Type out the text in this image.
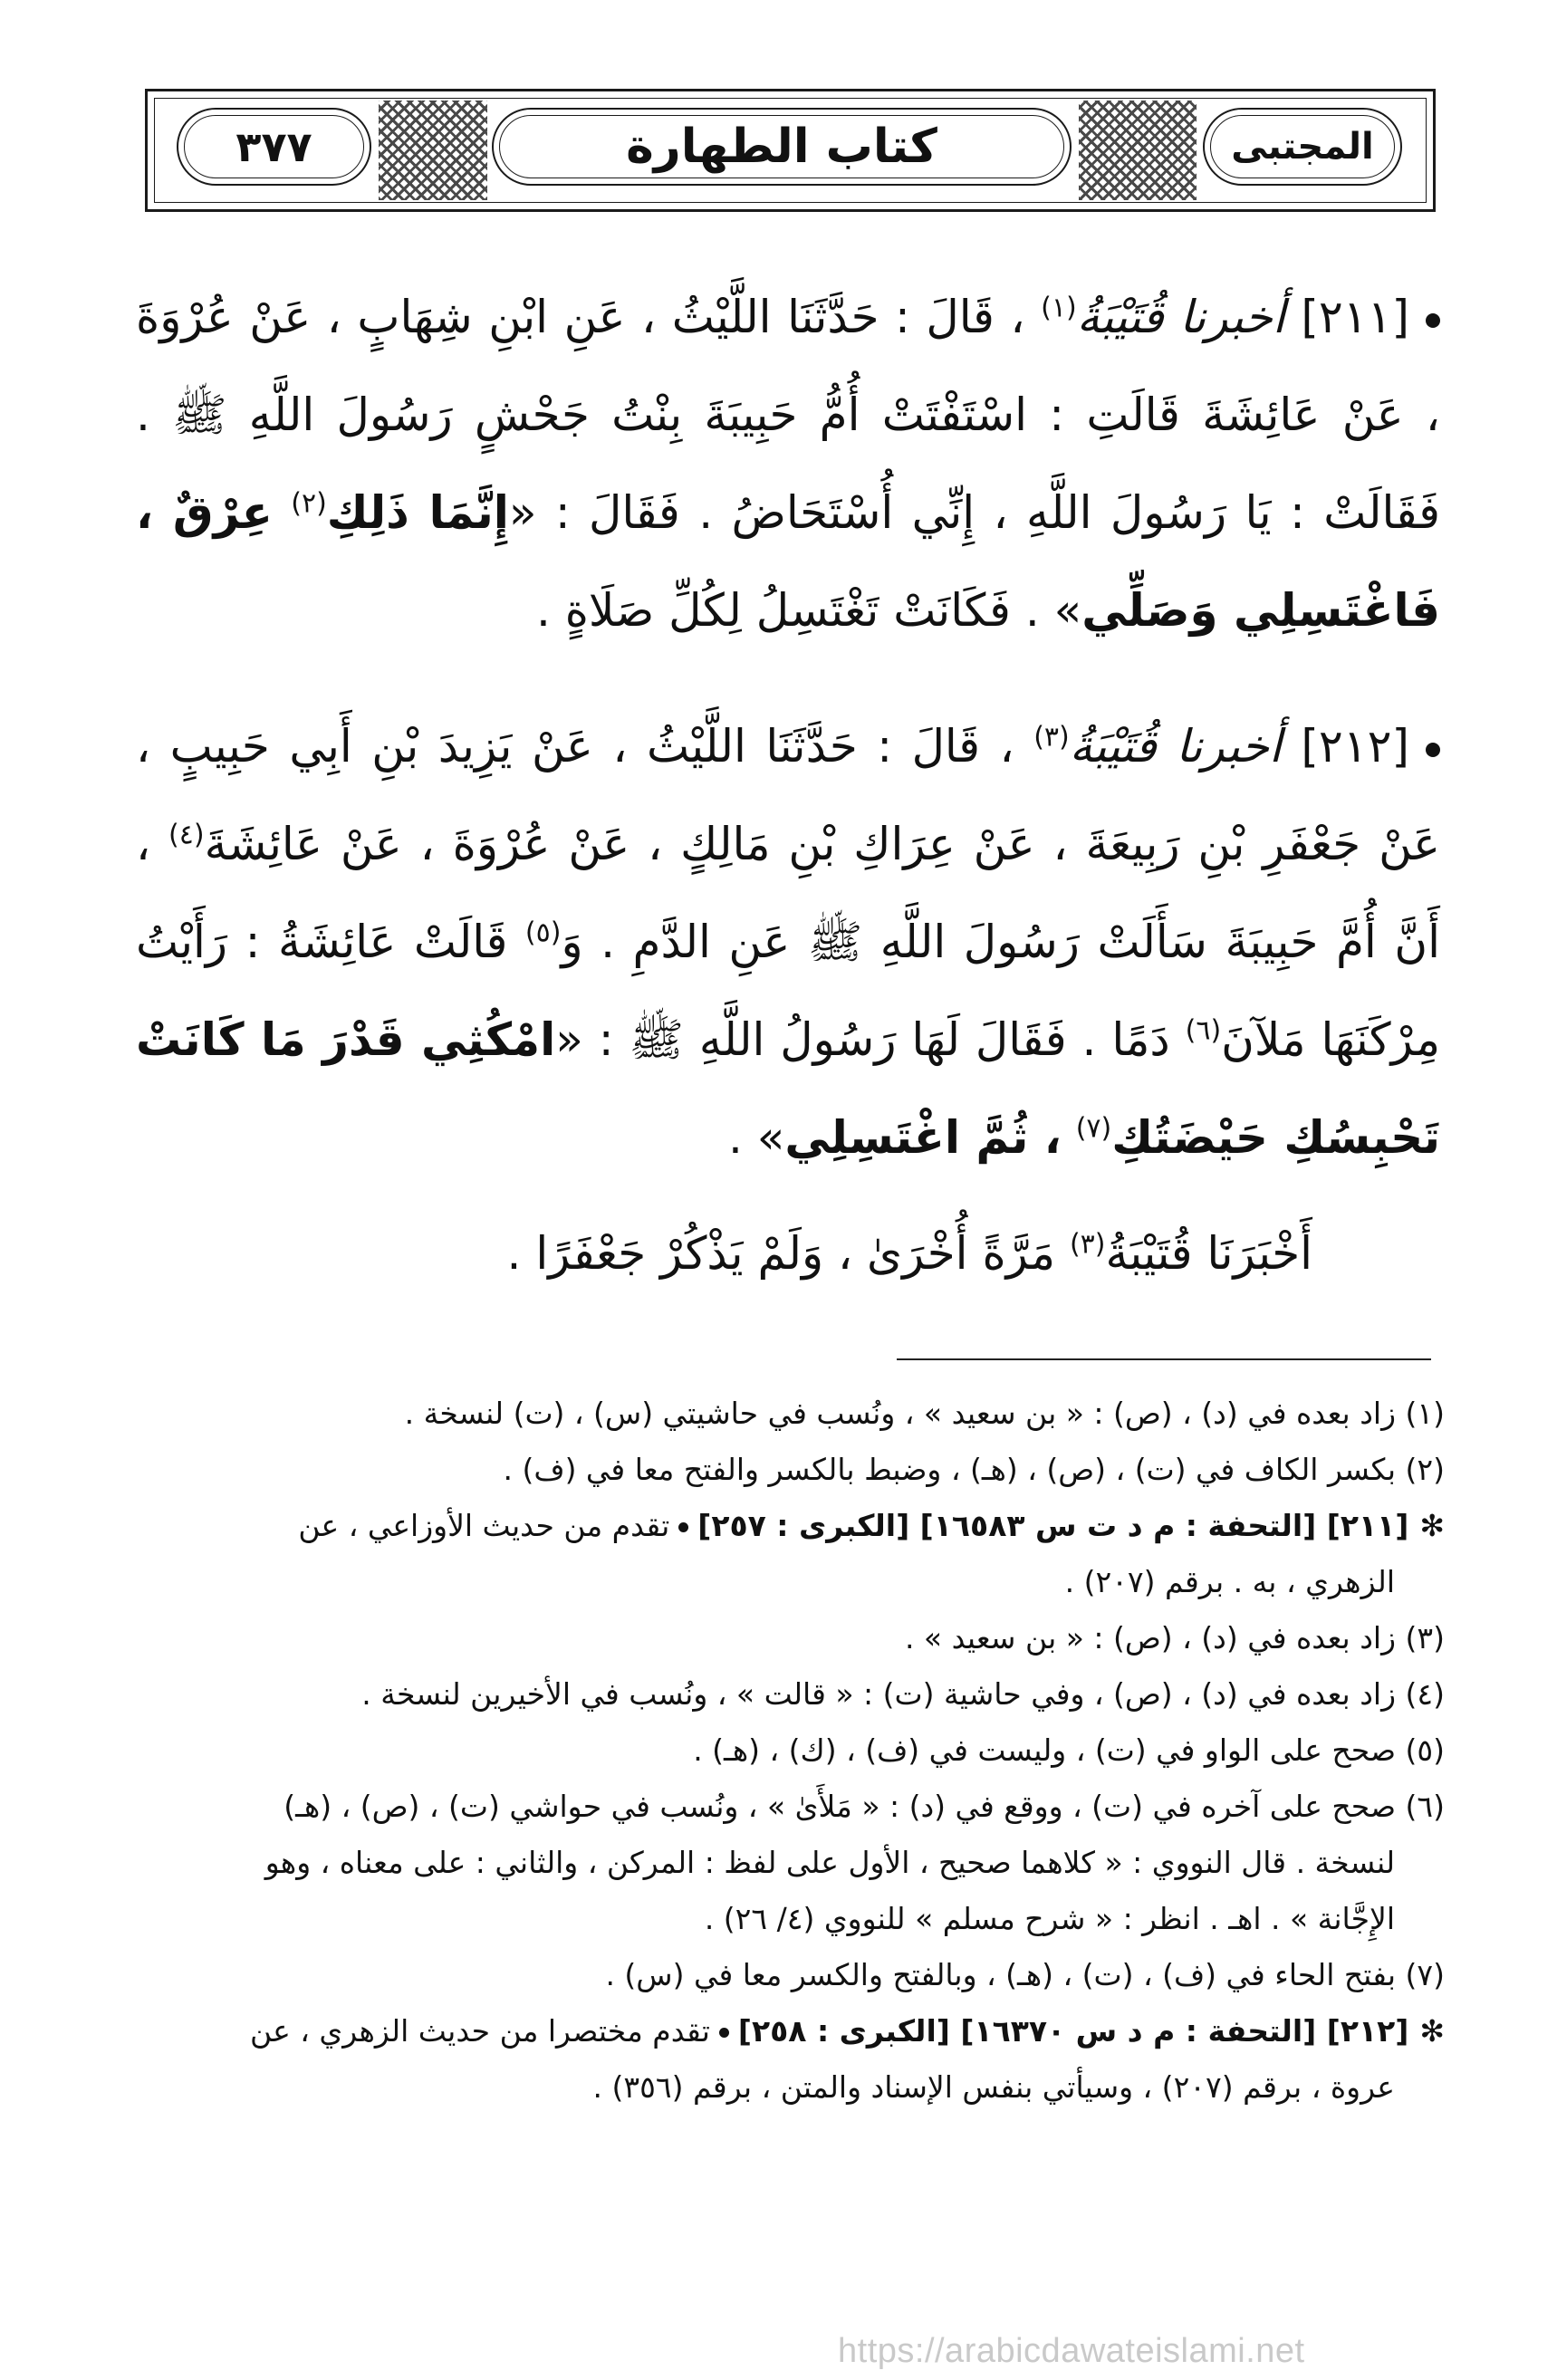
٣٧٧	كتاب الطهارة	المجتبى
[٢١١] أخبرنا قُتَيْبَةُ$^{(١)}$ ، قَالَ : حَدَّثَنَا اللَّيْثُ ، عَنِ ابْنِ شِهَابٍ ، عَنْ عُرْوَةَ ، عَنْ عَائِشَةَ قَالَتِ : اسْتَفْتَتْ أُمُّ حَبِيبَةَ بِنْتُ جَحْشٍ رَسُولَ اللَّهِ ﷺ . فَقَالَتْ : يَا رَسُولَ اللَّهِ ، إِنِّي أُسْتَحَاضُ . فَقَالَ : «إِنَّمَا ذَلِكِ$^{(٢)}$ عِرْقٌ ، فَاغْتَسِلِي وَصَلِّي» . فَكَانَتْ تَغْتَسِلُ لِكُلِّ صَلَاةٍ .
[٢١٢] أخبرنا قُتَيْبَةُ$^{(٣)}$ ، قَالَ : حَدَّثَنَا اللَّيْثُ ، عَنْ يَزِيدَ بْنِ أَبِي حَبِيبٍ ، عَنْ جَعْفَرِ بْنِ رَبِيعَةَ ، عَنْ عِرَاكِ بْنِ مَالِكٍ ، عَنْ عُرْوَةَ ، عَنْ عَائِشَةَ$^{(٤)}$ ، أَنَّ أُمَّ حَبِيبَةَ سَأَلَتْ رَسُولَ اللَّهِ ﷺ عَنِ الدَّمِ . وَ$^{(٥)}$ قَالَتْ عَائِشَةُ : رَأَيْتُ مِرْكَنَهَا مَلآنَ$^{(٦)}$ دَمًا . فَقَالَ لَهَا رَسُولُ اللَّهِ ﷺ : «امْكُثِي قَدْرَ مَا كَانَتْ تَحْبِسُكِ حَيْضَتُكِ$^{(٧)}$ ، ثُمَّ اغْتَسِلِي» .
أَخْبَرَنَا قُتَيْبَةُ$^{(٣)}$ مَرَّةً أُخْرَىٰ ، وَلَمْ يَذْكُرْ جَعْفَرًا .

(١) زاد بعده في (د) ، (ص) : « بن سعيد » ، ونُسب في حاشيتي (س) ، (ت) لنسخة .

(٢) بكسر الكاف في (ت) ، (ص) ، (هـ) ، وضبط بالكسر والفتح معا في (ف) .

✻[٢١١] [التحفة : م د ت س ١٦٥٨٣] [الكبرى : ٢٥٧]تقدم من حديث الأوزاعي ، عن

الزهري ، به . برقم (٢٠٧) .

(٣) زاد بعده في (د) ، (ص) : « بن سعيد » .

(٤) زاد بعده في (د) ، (ص) ، وفي حاشية (ت) : « قالت » ، ونُسب في الأخيرين لنسخة .

(٥) صحح على الواو في (ت) ، وليست في (ف) ، (ك) ، (هـ) .

(٦) صحح على آخره في (ت) ، ووقع في (د) : « مَلأَىٰ » ، ونُسب في حواشي (ت) ، (ص) ، (هـ)

لنسخة . قال النووي : « كلاهما صحيح ، الأول على لفظ : المركن ، والثاني : على معناه ، وهو

الإِجَّانة » . اهـ . انظر : « شرح مسلم » للنووي (٤/ ٢٦) .

(٧) بفتح الحاء في (ف) ، (ت) ، (هـ) ، وبالفتح والكسر معا في (س) .

✻[٢١٢] [التحفة : م د س ١٦٣٧٠] [الكبرى : ٢٥٨]تقدم مختصرا من حديث الزهري ، عن

عروة ، برقم (٢٠٧) ، وسيأتي بنفس الإسناد والمتن ، برقم (٣٥٦) .

https://arabicdawateislami.net
